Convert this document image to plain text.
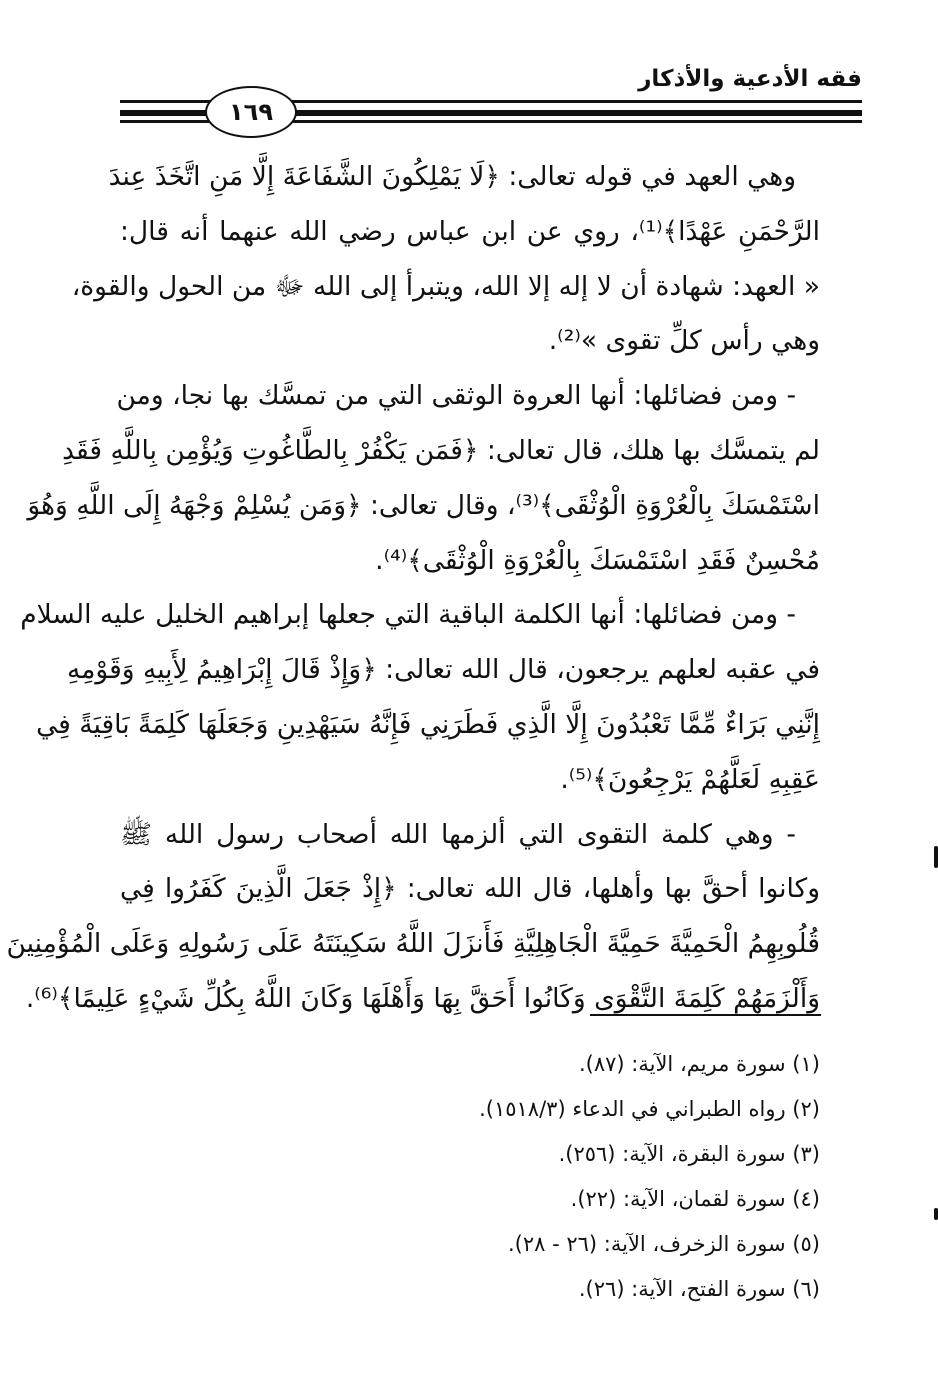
فقه الأدعية والأذكار
١٦٩
وهي العهد في قوله تعالى: ﴿لَا يَمْلِكُونَ الشَّفَاعَةَ إِلَّا مَنِ اتَّخَذَ عِندَ
الرَّحْمَنِ عَهْدًا﴾⁽¹⁾، روي عن ابن عباس رضي الله عنهما أنه قال:
« العهد: شهادة أن لا إله إلا الله، ويتبرأ إلى الله ﷻ من الحول والقوة،
وهي رأس كلِّ تقوى »⁽²⁾.
- ومن فضائلها: أنها العروة الوثقى التي من تمسَّك بها نجا، ومن
لم يتمسَّك بها هلك، قال تعالى: ﴿فَمَن يَكْفُرْ بِالطَّاغُوتِ وَيُؤْمِن بِاللَّهِ فَقَدِ
اسْتَمْسَكَ بِالْعُرْوَةِ الْوُثْقَى﴾⁽³⁾، وقال تعالى: ﴿وَمَن يُسْلِمْ وَجْهَهُ إِلَى اللَّهِ وَهُوَ
مُحْسِنٌ فَقَدِ اسْتَمْسَكَ بِالْعُرْوَةِ الْوُثْقَى﴾⁽⁴⁾.
- ومن فضائلها: أنها الكلمة الباقية التي جعلها إبراهيم الخليل عليه السلام
في عقبه لعلهم يرجعون، قال الله تعالى: ﴿وَإِذْ قَالَ إِبْرَاهِيمُ لِأَبِيهِ وَقَوْمِهِ
إِنَّنِي بَرَاءٌ مِّمَّا تَعْبُدُونَ إِلَّا الَّذِي فَطَرَنِي فَإِنَّهُ سَيَهْدِينِ وَجَعَلَهَا كَلِمَةً بَاقِيَةً فِي
عَقِبِهِ لَعَلَّهُمْ يَرْجِعُونَ﴾⁽⁵⁾.
- وهي كلمة التقوى التي ألزمها الله أصحاب رسول الله ﷺ
وكانوا أحقَّ بها وأهلها، قال الله تعالى: ﴿إِذْ جَعَلَ الَّذِينَ كَفَرُوا فِي
قُلُوبِهِمُ الْحَمِيَّةَ حَمِيَّةَ الْجَاهِلِيَّةِ فَأَنزَلَ اللَّهُ سَكِينَتَهُ عَلَى رَسُولِهِ وَعَلَى الْمُؤْمِنِينَ
وَأَلْزَمَهُمْ كَلِمَةَ التَّقْوَى وَكَانُوا أَحَقَّ بِهَا وَأَهْلَهَا وَكَانَ اللَّهُ بِكُلِّ شَيْءٍ عَلِيمًا﴾⁽⁶⁾.
(١) سورة مريم، الآية: (٨٧).
(٢) رواه الطبراني في الدعاء (١٥١٨/٣).
(٣) سورة البقرة، الآية: (٢٥٦).
(٤) سورة لقمان، الآية: (٢٢).
(٥) سورة الزخرف، الآية: (٢٦ - ٢٨).
(٦) سورة الفتح، الآية: (٢٦).
